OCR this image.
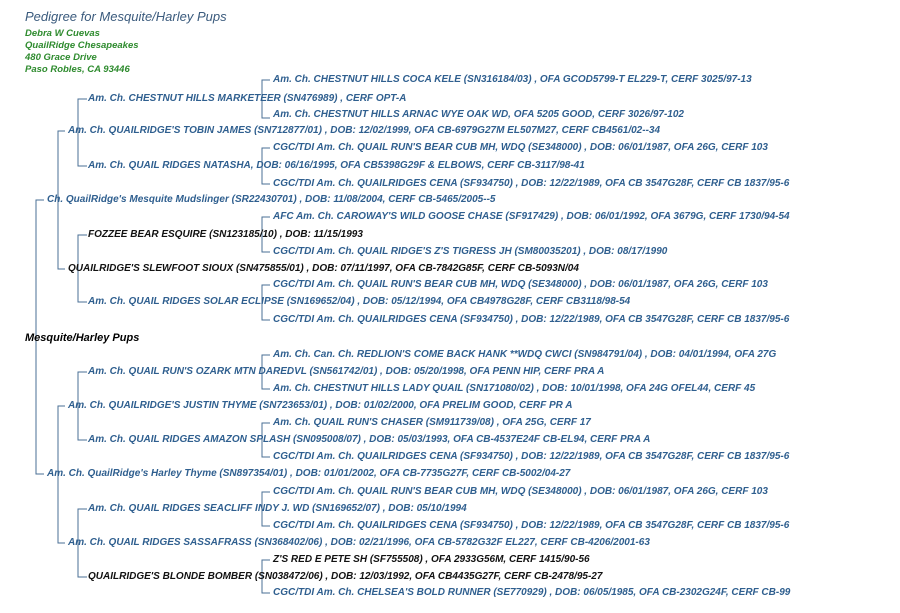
Pedigree for Mesquite/Harley Pups
Debra W Cuevas
QuailRidge Chesapeakes
480 Grace Drive
Paso Robles, CA 93446
Mesquite/Harley Pups
Am. Ch. CHESTNUT HILLS COCA KELE (SN316184/03) , OFA GCOD5799-T EL229-T, CERF 3025/97-13
Am. Ch. CHESTNUT HILLS MARKETEER (SN476989) , CERF OPT-A
Am. Ch. CHESTNUT HILLS ARNAC WYE OAK WD, OFA 5205 GOOD, CERF 3026/97-102
Am. Ch. QUAILRIDGE'S TOBIN JAMES (SN712877/01) , DOB: 12/02/1999, OFA CB-6979G27M EL507M27, CERF CB4561/02--34
CGC/TDI Am. Ch. QUAIL RUN'S BEAR CUB MH, WDQ (SE348000) , DOB: 06/01/1987, OFA 26G, CERF 103
Am. Ch. QUAIL RIDGES NATASHA, DOB: 06/16/1995, OFA CB5398G29F & ELBOWS, CERF CB-3117/98-41
CGC/TDI Am. Ch. QUAILRIDGES CENA (SF934750) , DOB: 12/22/1989, OFA CB 3547G28F, CERF CB 1837/95-6
Ch. QuailRidge's Mesquite Mudslinger (SR22430701) , DOB: 11/08/2004, CERF CB-5465/2005--5
AFC Am. Ch. CAROWAY'S WILD GOOSE CHASE (SF917429) , DOB: 06/01/1992, OFA 3679G, CERF 1730/94-54
FOZZEE BEAR ESQUIRE (SN123185/10) , DOB: 11/15/1993
CGC/TDI Am. Ch. QUAIL RIDGE'S Z'S TIGRESS JH (SM80035201) , DOB: 08/17/1990
QUAILRIDGE'S SLEWFOOT SIOUX (SN475855/01) , DOB: 07/11/1997, OFA CB-7842G85F, CERF CB-5093N/04
CGC/TDI Am. Ch. QUAIL RUN'S BEAR CUB MH, WDQ (SE348000) , DOB: 06/01/1987, OFA 26G, CERF 103
Am. Ch. QUAIL RIDGES SOLAR ECLIPSE (SN169652/04) , DOB: 05/12/1994, OFA CB4978G28F, CERF CB3118/98-54
CGC/TDI Am. Ch. QUAILRIDGES CENA (SF934750) , DOB: 12/22/1989, OFA CB 3547G28F, CERF CB 1837/95-6
Am. Ch. Can. Ch. REDLION'S COME BACK HANK **WDQ CWCI (SN984791/04) , DOB: 04/01/1994, OFA 27G
Am. Ch. QUAIL RUN'S OZARK MTN DAREDVL (SN561742/01) , DOB: 05/20/1998, OFA PENN HIP, CERF PRA A
Am. Ch. CHESTNUT HILLS LADY QUAIL (SN171080/02) , DOB: 10/01/1998, OFA 24G OFEL44, CERF 45
Am. Ch. QUAILRIDGE'S JUSTIN THYME (SN723653/01) , DOB: 01/02/2000, OFA PRELIM GOOD, CERF PR A
Am. Ch. QUAIL RUN'S CHASER (SM911739/08) , OFA 25G, CERF 17
Am. Ch. QUAIL RIDGES AMAZON SPLASH (SN095008/07) , DOB: 05/03/1993, OFA CB-4537E24F CB-EL94, CERF PRA A
CGC/TDI Am. Ch. QUAILRIDGES CENA (SF934750) , DOB: 12/22/1989, OFA CB 3547G28F, CERF CB 1837/95-6
Am. Ch. QuailRidge's Harley Thyme (SN897354/01) , DOB: 01/01/2002, OFA CB-7735G27F, CERF CB-5002/04-27
CGC/TDI Am. Ch. QUAIL RUN'S BEAR CUB MH, WDQ (SE348000) , DOB: 06/01/1987, OFA 26G, CERF 103
Am. Ch. QUAIL RIDGES SEACLIFF INDY J. WD (SN169652/07) , DOB: 05/10/1994
CGC/TDI Am. Ch. QUAILRIDGES CENA (SF934750) , DOB: 12/22/1989, OFA CB 3547G28F, CERF CB 1837/95-6
Am. Ch. QUAIL RIDGES SASSAFRASS (SN368402/06) , DOB: 02/21/1996, OFA CB-5782G32F EL227, CERF CB-4206/2001-63
Z'S RED E PETE SH (SF755508) , OFA 2933G56M, CERF 1415/90-56
QUAILRIDGE'S BLONDE BOMBER (SN038472/06) , DOB: 12/03/1992, OFA CB4435G27F, CERF CB-2478/95-27
CGC/TDI Am. Ch. CHELSEA'S BOLD RUNNER (SE770929) , DOB: 06/05/1985, OFA CB-2302G24F, CERF CB-99
